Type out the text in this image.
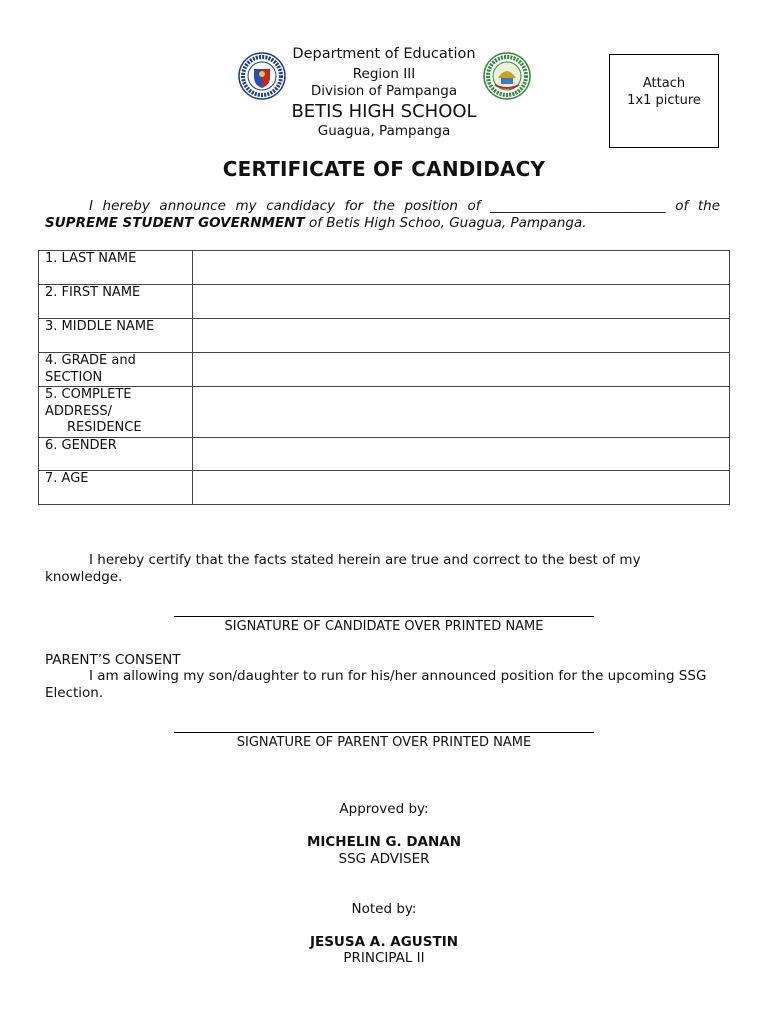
Department of Education
Region III
Division of Pampanga
BETIS HIGH SCHOOL
Guagua, Pampanga
Attach
1x1 picture
CERTIFICATE OF CANDIDACY
I hereby announce my candidacy for the position of __________________________ of the SUPREME STUDENT GOVERNMENT of Betis High Schoo, Guagua, Pampanga.
1. LAST NAME	
2. FIRST NAME	
3. MIDDLE NAME	
4. GRADE and SECTION	

5. COMPLETE ADDRESS/
RESIDENCE	

6. GENDER	
7. AGE	
I hereby certify that the facts stated herein are true and correct to the best of my knowledge.
SIGNATURE OF CANDIDATE OVER PRINTED NAME
PARENT’S CONSENT
I am allowing my son/daughter to run for his/her announced position for the upcoming SSG Election.
SIGNATURE OF PARENT OVER PRINTED NAME
Approved by:
MICHELIN G. DANAN
SSG ADVISER
Noted by:
JESUSA A. AGUSTIN
PRINCIPAL II
